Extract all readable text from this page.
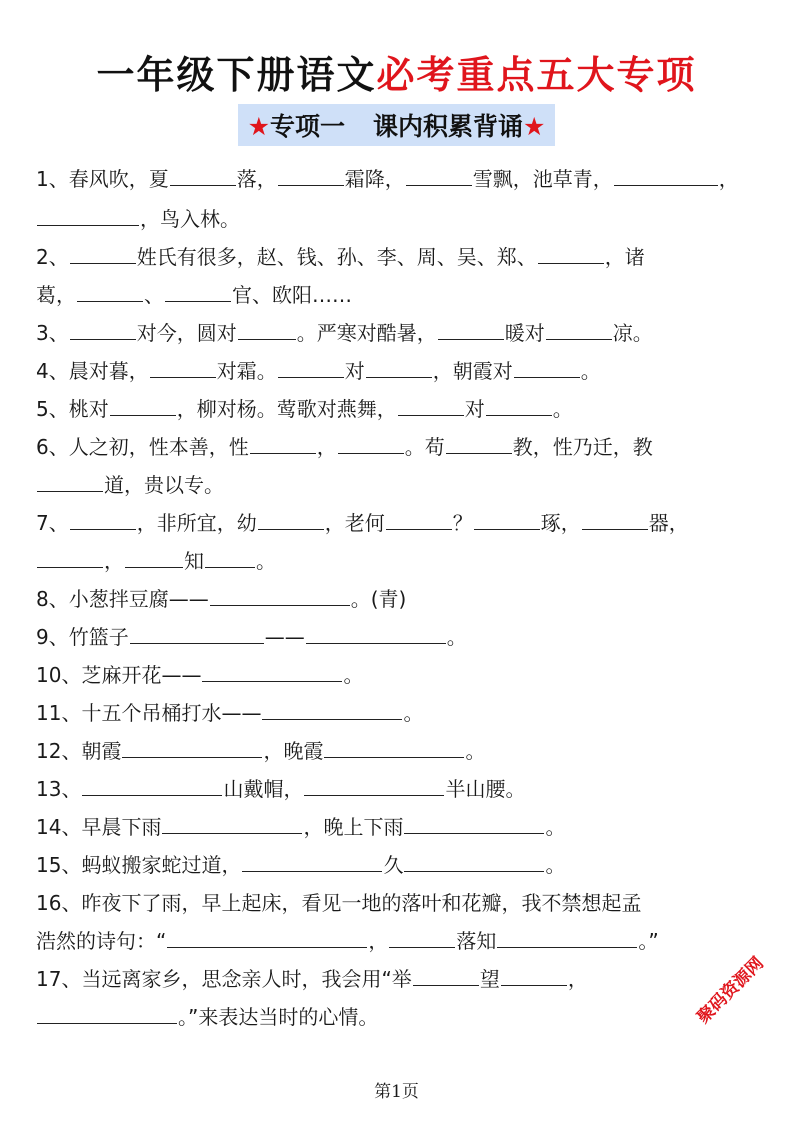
一年级下册语文必考重点五大专项
★专项一 课内积累背诵★
1、春风吹，夏	落，	霜降，	雪飘，池草青，	，
，鸟入林。
2、	姓氏有很多，赵、钱、孙、李、周、吴、郑、	，诸
葛，	、	官、欧阳……
3、	对今，圆对	。严寒对酷暑，	暖对	凉。
4、晨对暮，	对霜。	对	，朝霞对	。
5、桃对	，柳对杨。莺歌对燕舞，	对	。
6、人之初，性本善，性	，	。苟	教，性乃迁，教
道，贵以专。
7、	，非所宜，幼	，老何	？	琢，	器，
，	知	。
8、小葱拌豆腐——	。(青)
9、竹篮子	——	。
10、芝麻开花——	。
11、十五个吊桶打水——	。
12、朝霞	，晚霞	。
13、	山戴帽，	半山腰。
14、早晨下雨	，晚上下雨	。
15、蚂蚁搬家蛇过道，	久	。
16、昨夜下了雨，早上起床，看见一地的落叶和花瓣，我不禁想起孟
浩然的诗句：“	，	落知	。”
17、当远离家乡，思念亲人时，我会用“举	望	，
。”来表达当时的心情。	聚码资源网
第1页
